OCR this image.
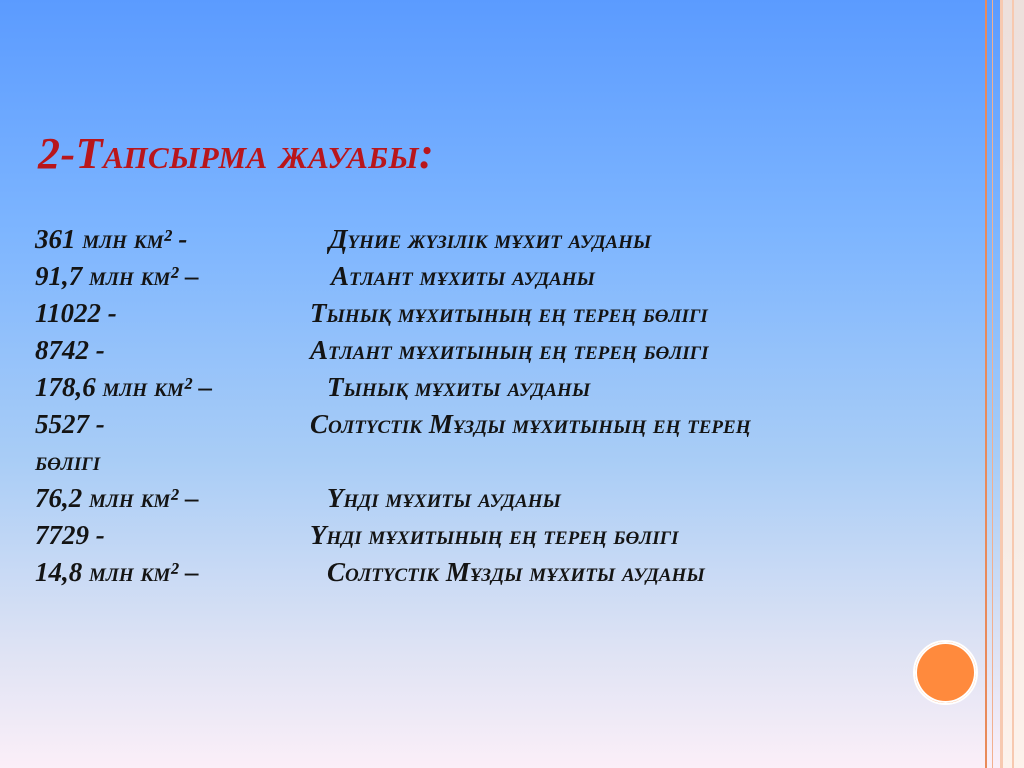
2-Тапсырма жауабы:
361 млн км² -	Дүние жүзілік мұхит ауданы
91,7 млн км² –	Атлант мұхиты ауданы
11022 -	Тынық мұхитының ең терең бөлігі
8742 -	Атлант мұхитының ең терең бөлігі
178,6 млн км² –	Тынық мұхиты ауданы
5527 -	Солтүстік Мұзды мұхитының ең терең
бөлігі
76,2 млн км² –	Үнді мұхиты ауданы
7729 -	Үнді мұхитының ең терең бөлігі
14,8 млн км² –	Солтүстік Мұзды мұхиты ауданы
